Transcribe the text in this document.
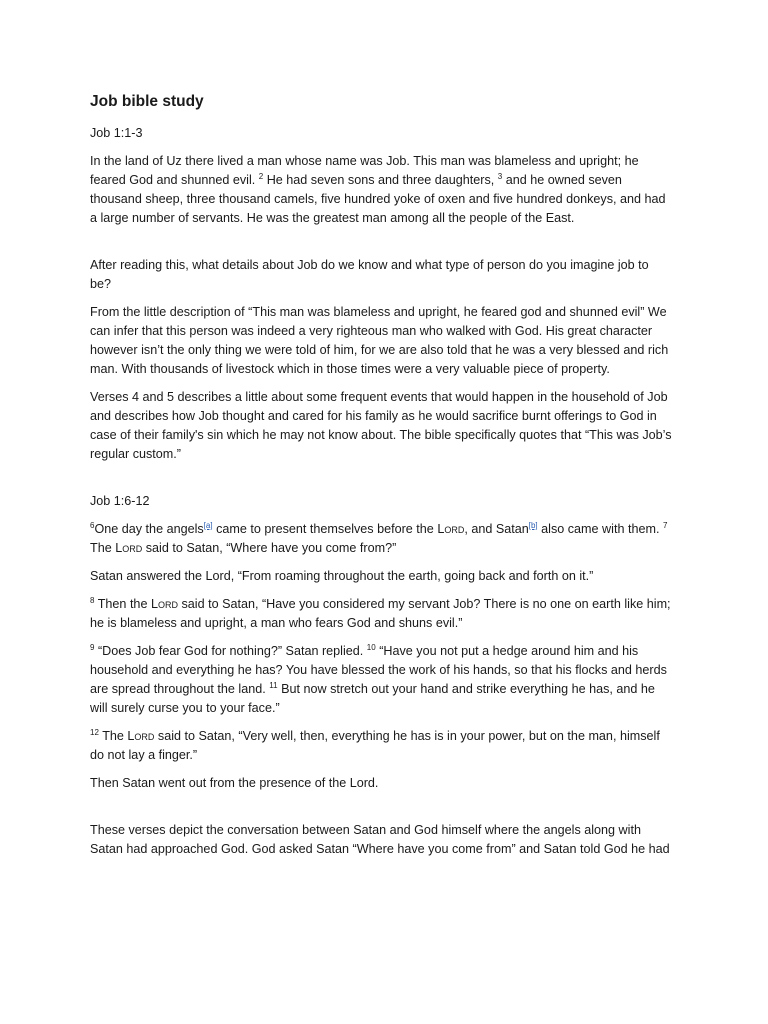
Job bible study

Job 1:1-3

In the land of Uz there lived a man whose name was Job. This man was blameless and upright; he feared God and shunned evil. $^2$ He had seven sons and three daughters, $^3$ and he owned seven thousand sheep, three thousand camels, five hundred yoke of oxen and five hundred donkeys, and had a large number of servants. He was the greatest man among all the people of the East.

After reading this, what details about Job do we know and what type of person do you imagine job to be?

From the little description of “This man was blameless and upright, he feared god and shunned evil” We can infer that this person was indeed a very righteous man who walked with God. His great character however isn’t the only thing we were told of him, for we are also told that he was a very blessed and rich man. With thousands of livestock which in those times were a very valuable piece of property.

Verses 4 and 5 describes a little about some frequent events that would happen in the household of Job and describes how Job thought and cared for his family as he would sacrifice burnt offerings to God in case of their family's sin which he may not know about. The bible specifically quotes that “This was Job’s regular custom.”

Job 1:6-12

$^6$One day the angels[a] came to present themselves before the Lord, and Satan[b] also came with them. $^7$ The Lord said to Satan, “Where have you come from?”

Satan answered the Lord, “From roaming throughout the earth, going back and forth on it.”

$^8$ Then the Lord said to Satan, “Have you considered my servant Job? There is no one on earth like him; he is blameless and upright, a man who fears God and shuns evil.”

$^9$ “Does Job fear God for nothing?” Satan replied. $^{10}$ “Have you not put a hedge around him and his household and everything he has? You have blessed the work of his hands, so that his flocks and herds are spread throughout the land. $^{11}$ But now stretch out your hand and strike everything he has, and he will surely curse you to your face.”

$^{12}$ The Lord said to Satan, “Very well, then, everything he has is in your power, but on the man, himself do not lay a finger.”

Then Satan went out from the presence of the Lord.

These verses depict the conversation between Satan and God himself where the angels along with Satan had approached God. God asked Satan “Where have you come from” and Satan told God he had
